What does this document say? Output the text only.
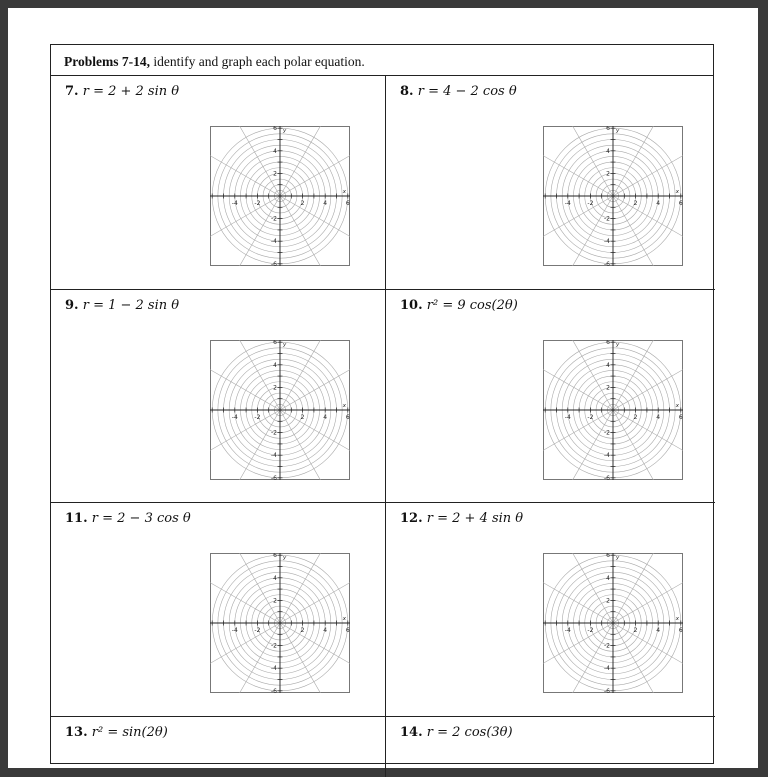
Problems 7-14, identify and graph each polar equation.
7. r = 2 + 2 sin θ
-4	-2	2	4	6
6
4
2
-2
-4
-6
x
y
8. r = 4 − 2 cos θ
-4	-2	2	4	6
6
4
2
-2
-4
-6
x
y
9. r = 1 − 2 sin θ
-4	-2	2	4	6
6
4
2
-2
-4
-6
x
y
10. r² = 9 cos(2θ)
-4	-2	2	4	6
6
4
2
-2
-4
-6
x
y
11. r = 2 − 3 cos θ
-4	-2	2	4	6
6
4
2
-2
-4
-6
x
y
12. r = 2 + 4 sin θ
-4	-2	2	4	6
6
4
2
-2
-4
-6
x
y
13. r² = sin(2θ)	14. r = 2 cos(3θ)
